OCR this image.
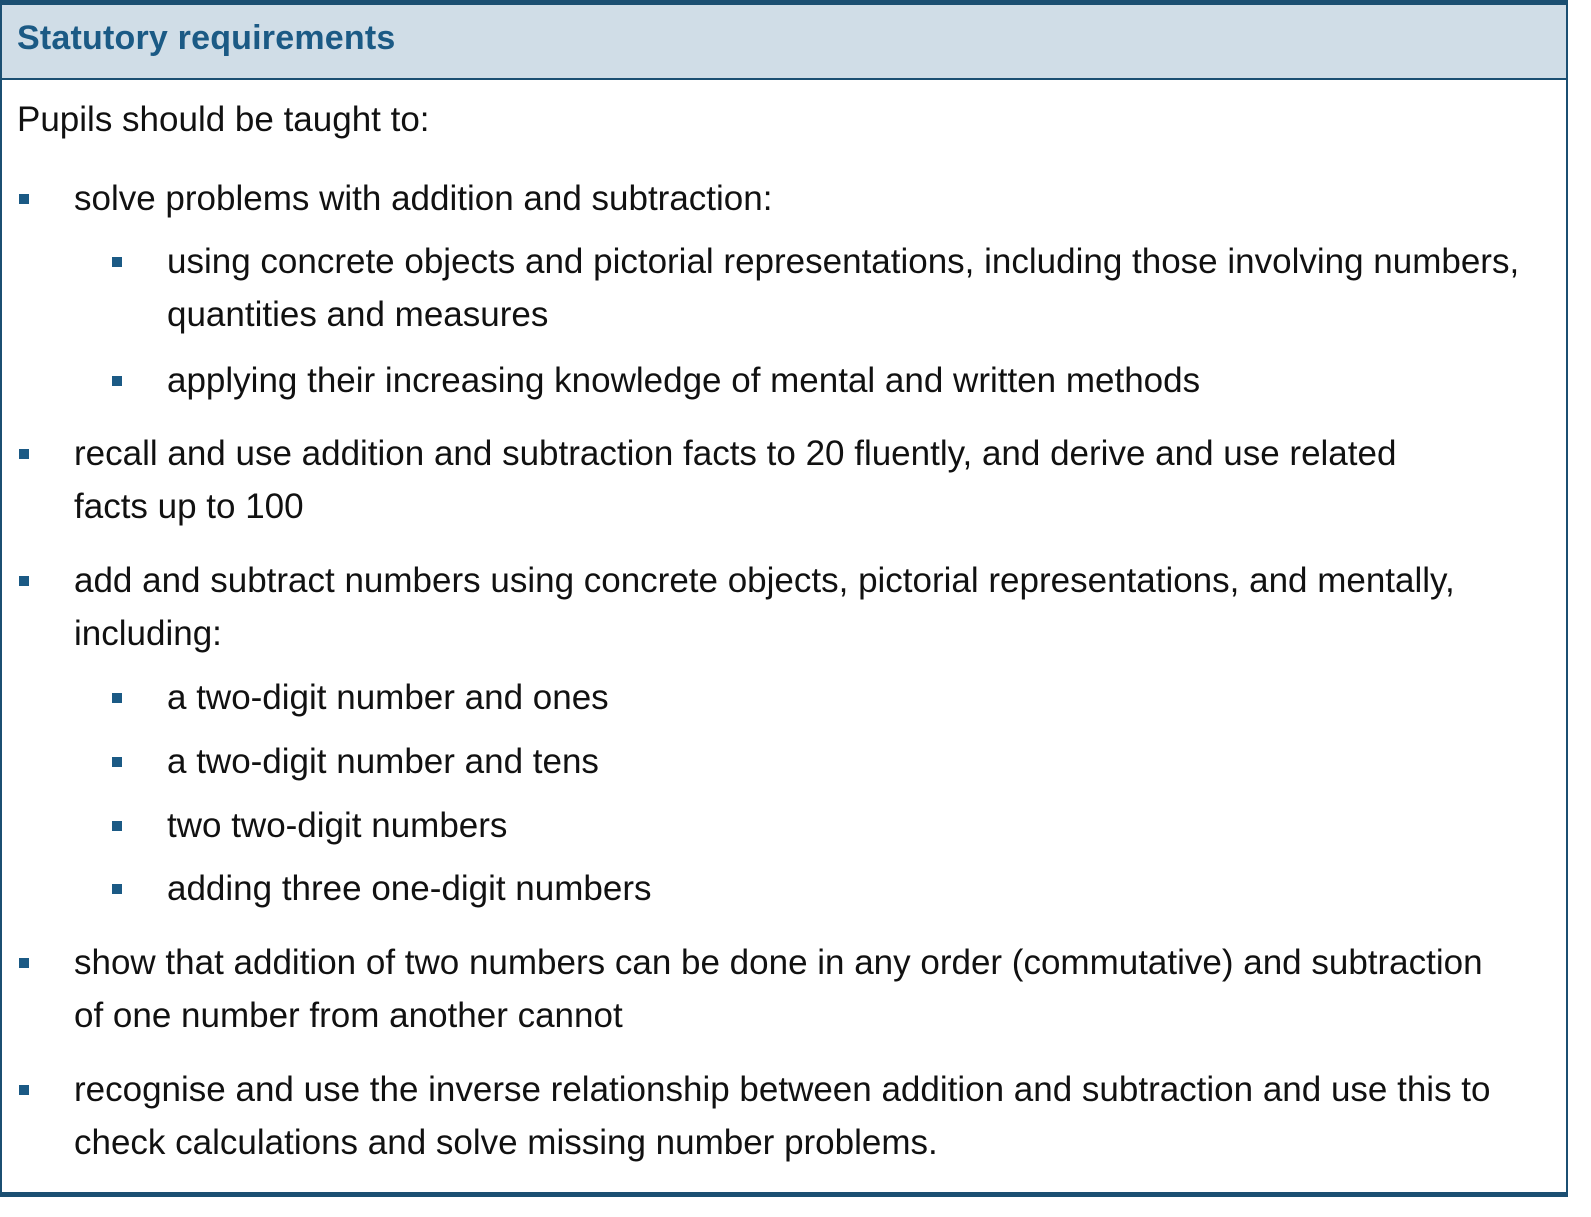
Statutory requirements
Pupils should be taught to:
solve problems with addition and subtraction:
using concrete objects and pictorial representations, including those involving numbers, quantities and measures
applying their increasing knowledge of mental and written methods
recall and use addition and subtraction facts to 20 fluently, and derive and use related facts up to 100
add and subtract numbers using concrete objects, pictorial representations, and mentally, including:
a two-digit number and ones
a two-digit number and tens
two two-digit numbers
adding three one-digit numbers
show that addition of two numbers can be done in any order (commutative) and subtraction of one number from another cannot
recognise and use the inverse relationship between addition and subtraction and use this to check calculations and solve missing number problems.
